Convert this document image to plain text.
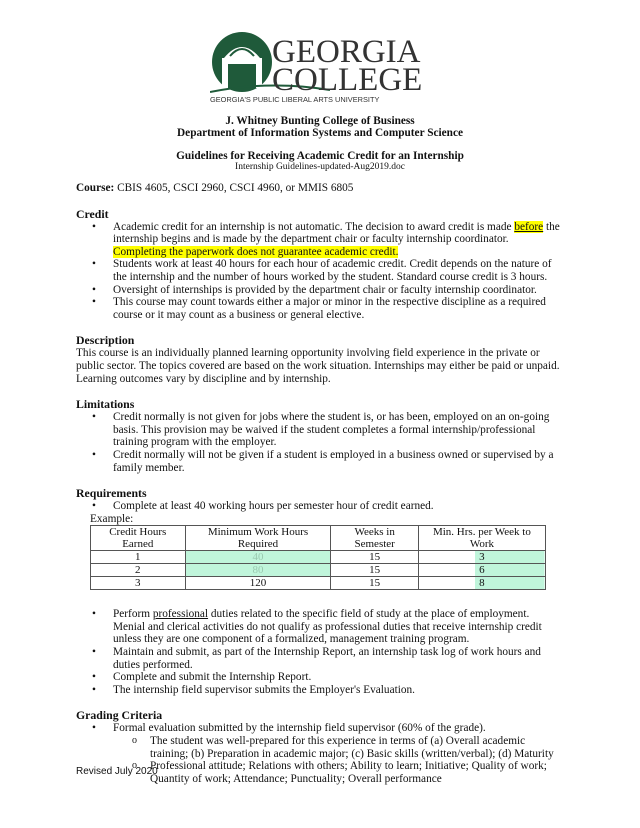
GEORGIA
COLLEGE
GEORGIA'S PUBLIC LIBERAL ARTS UNIVERSITY
J. Whitney Bunting College of Business
Department of Information Systems and Computer Science
Guidelines for Receiving Academic Credit for an Internship
Internship Guidelines-updated-Aug2019.doc
Course: CBIS 4605, CSCI 2960, CSCI 4960, or MMIS 6805
Credit
• Academic credit for an internship is not automatic. The decision to award credit is made before the internship begins and is made by the department chair or faculty internship coordinator. Completing the paperwork does not guarantee academic credit.
• Students work at least 40 hours for each hour of academic credit. Credit depends on the nature of the internship and the number of hours worked by the student. Standard course credit is 3 hours.
• Oversight of internships is provided by the department chair or faculty internship coordinator.
• This course may count towards either a major or minor in the respective discipline as a required course or it may count as a business or general elective.
Description
This course is an individually planned learning opportunity involving field experience in the private or public sector. The topics covered are based on the work situation. Internships may either be paid or unpaid. Learning outcomes vary by discipline and by internship.
Limitations
• Credit normally is not given for jobs where the student is, or has been, employed on an on-going basis. This provision may be waived if the student completes a formal internship/professional training program with the employer.
• Credit normally will not be given if a student is employed in a business owned or supervised by a family member.
Requirements
• Complete at least 40 working hours per semester hour of credit earned.
Example:
Credit Hours Earned	Minimum Work Hours Required	Weeks in Semester	Min. Hrs. per Week to Work
1	40	15	3
2	80	15	6
3	120	15	8
• Perform professional duties related to the specific field of study at the place of employment. Menial and clerical activities do not qualify as professional duties that receive internship credit unless they are one component of a formalized, management training program.
• Maintain and submit, as part of the Internship Report, an internship task log of work hours and duties performed.
• Complete and submit the Internship Report.
• The internship field supervisor submits the Employer's Evaluation.
Grading Criteria
• Formal evaluation submitted by the internship field supervisor (60% of the grade).
o The student was well-prepared for this experience in terms of (a) Overall academic training; (b) Preparation in academic major; (c) Basic skills (written/verbal); (d) Maturity
o Professional attitude; Relations with others; Ability to learn; Initiative; Quality of work; Quantity of work; Attendance; Punctuality; Overall performance
Revised July 2020
